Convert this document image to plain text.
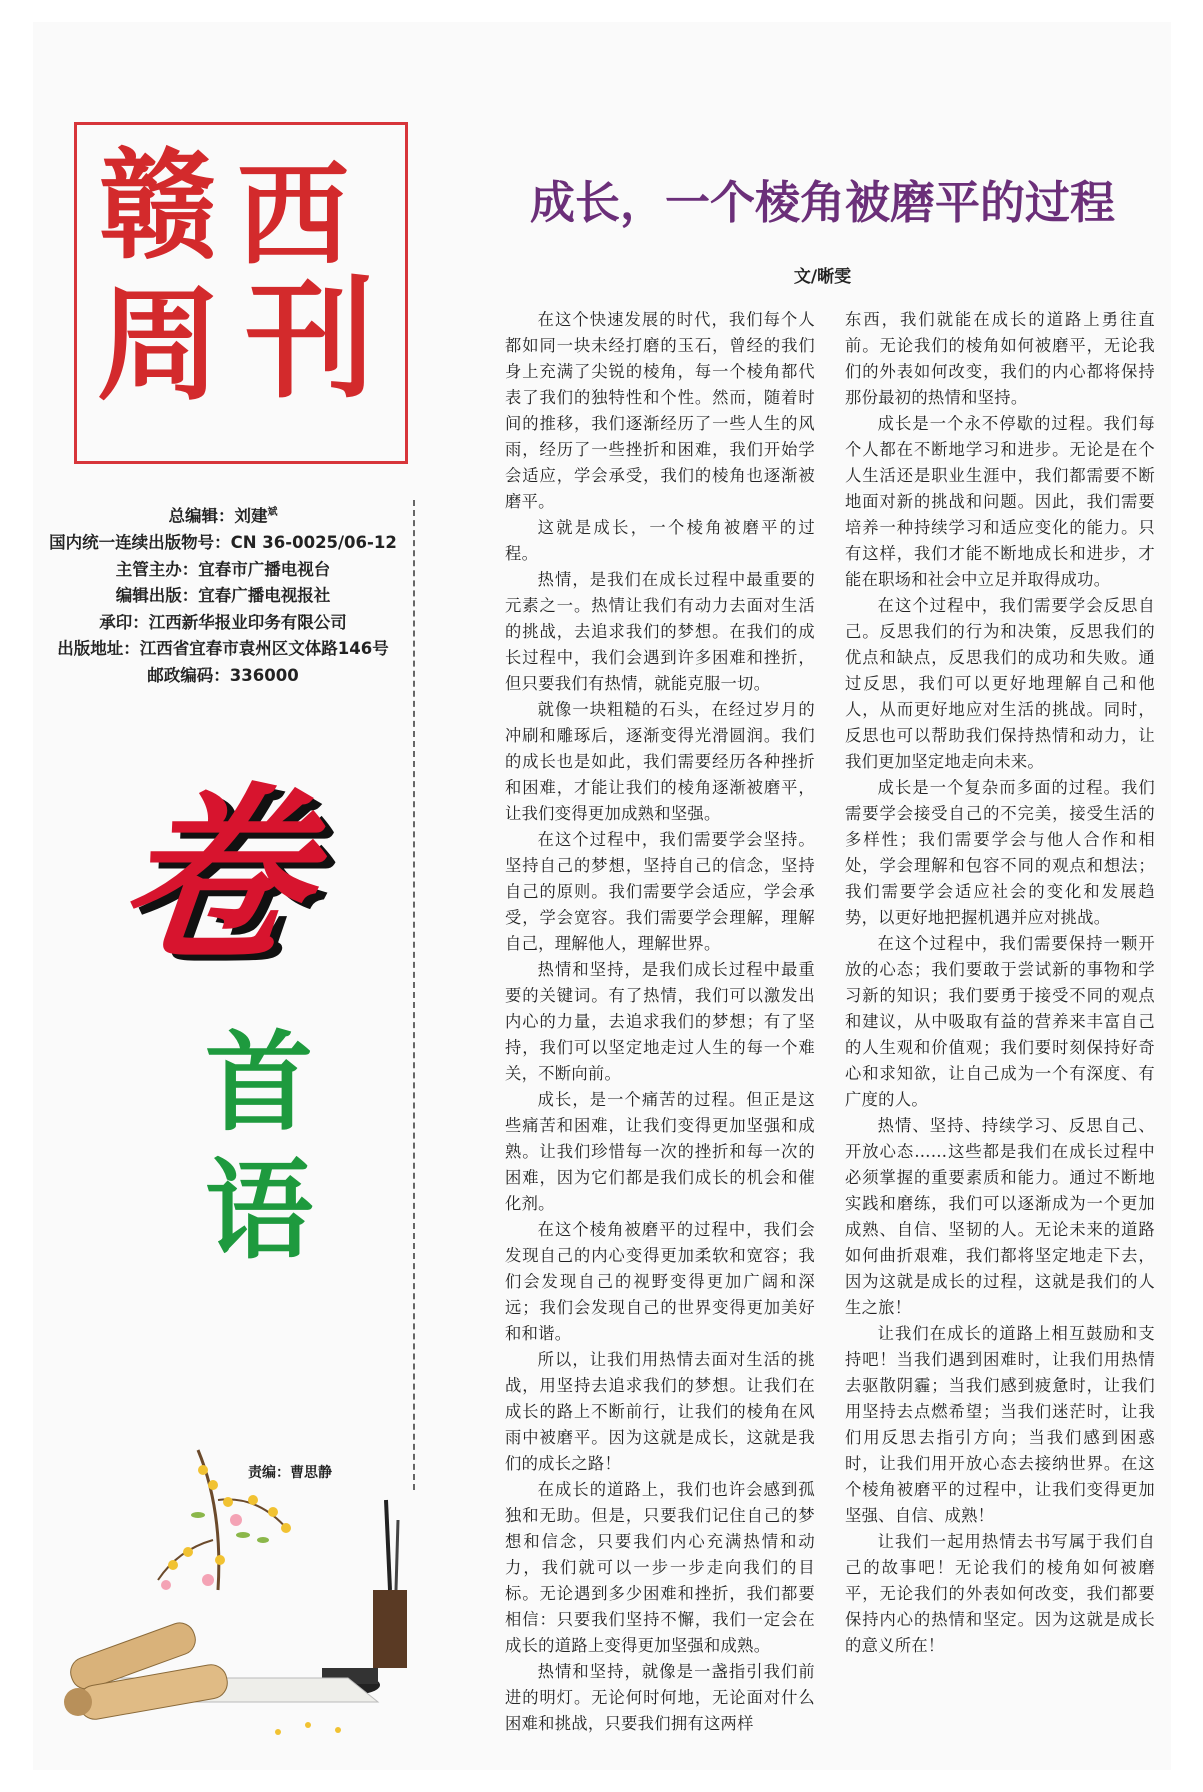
赣 西
周 刊
总编辑：刘建$^斌$
国内统一连续出版物号：CN 36-0025/06-12
主管主办：宜春市广播电视台
编辑出版：宜春广播电视报社
承印：江西新华报业印务有限公司
出版地址：江西省宜春市袁州区文体路146号
邮政编码：336000
卷
首
语
责编：曹思静
成长，一个棱角被磨平的过程
文/晰雯

在这个快速发展的时代，我们每个人都如同一块未经打磨的玉石，曾经的我们身上充满了尖锐的棱角，每一个棱角都代表了我们的独特性和个性。然而，随着时间的推移，我们逐渐经历了一些人生的风雨，经历了一些挫折和困难，我们开始学会适应，学会承受，我们的棱角也逐渐被磨平。

这就是成长，一个棱角被磨平的过程。

热情，是我们在成长过程中最重要的元素之一。热情让我们有动力去面对生活的挑战，去追求我们的梦想。在我们的成长过程中，我们会遇到许多困难和挫折，但只要我们有热情，就能克服一切。

就像一块粗糙的石头，在经过岁月的冲刷和雕琢后，逐渐变得光滑圆润。我们的成长也是如此，我们需要经历各种挫折和困难，才能让我们的棱角逐渐被磨平，让我们变得更加成熟和坚强。

在这个过程中，我们需要学会坚持。坚持自己的梦想，坚持自己的信念，坚持自己的原则。我们需要学会适应，学会承受，学会宽容。我们需要学会理解，理解自己，理解他人，理解世界。

热情和坚持，是我们成长过程中最重要的关键词。有了热情，我们可以激发出内心的力量，去追求我们的梦想；有了坚持，我们可以坚定地走过人生的每一个难关，不断向前。

成长，是一个痛苦的过程。但正是这些痛苦和困难，让我们变得更加坚强和成熟。让我们珍惜每一次的挫折和每一次的困难，因为它们都是我们成长的机会和催化剂。

在这个棱角被磨平的过程中，我们会发现自己的内心变得更加柔软和宽容；我们会发现自己的视野变得更加广阔和深远；我们会发现自己的世界变得更加美好和和谐。

所以，让我们用热情去面对生活的挑战，用坚持去追求我们的梦想。让我们在成长的路上不断前行，让我们的棱角在风雨中被磨平。因为这就是成长，这就是我们的成长之路！

在成长的道路上，我们也许会感到孤独和无助。但是，只要我们记住自己的梦想和信念，只要我们内心充满热情和动力，我们就可以一步一步走向我们的目标。无论遇到多少困难和挫折，我们都要相信：只要我们坚持不懈，我们一定会在成长的道路上变得更加坚强和成熟。

热情和坚持，就像是一盏指引我们前进的明灯。无论何时何地，无论面对什么困难和挑战，只要我们拥有这两样

东西，我们就能在成长的道路上勇往直前。无论我们的棱角如何被磨平，无论我们的外表如何改变，我们的内心都将保持那份最初的热情和坚持。

成长是一个永不停歇的过程。我们每个人都在不断地学习和进步。无论是在个人生活还是职业生涯中，我们都需要不断地面对新的挑战和问题。因此，我们需要培养一种持续学习和适应变化的能力。只有这样，我们才能不断地成长和进步，才能在职场和社会中立足并取得成功。

在这个过程中，我们需要学会反思自己。反思我们的行为和决策，反思我们的优点和缺点，反思我们的成功和失败。通过反思，我们可以更好地理解自己和他人，从而更好地应对生活的挑战。同时，反思也可以帮助我们保持热情和动力，让我们更加坚定地走向未来。

成长是一个复杂而多面的过程。我们需要学会接受自己的不完美，接受生活的多样性；我们需要学会与他人合作和相处，学会理解和包容不同的观点和想法；我们需要学会适应社会的变化和发展趋势，以更好地把握机遇并应对挑战。

在这个过程中，我们需要保持一颗开放的心态；我们要敢于尝试新的事物和学习新的知识；我们要勇于接受不同的观点和建议，从中吸取有益的营养来丰富自己的人生观和价值观；我们要时刻保持好奇心和求知欲，让自己成为一个有深度、有广度的人。

热情、坚持、持续学习、反思自己、开放心态……这些都是我们在成长过程中必须掌握的重要素质和能力。通过不断地实践和磨练，我们可以逐渐成为一个更加成熟、自信、坚韧的人。无论未来的道路如何曲折艰难，我们都将坚定地走下去，因为这就是成长的过程，这就是我们的人生之旅！

让我们在成长的道路上相互鼓励和支持吧！当我们遇到困难时，让我们用热情去驱散阴霾；当我们感到疲惫时，让我们用坚持去点燃希望；当我们迷茫时，让我们用反思去指引方向；当我们感到困惑时，让我们用开放心态去接纳世界。在这个棱角被磨平的过程中，让我们变得更加坚强、自信、成熟！

让我们一起用热情去书写属于我们自己的故事吧！无论我们的棱角如何被磨平，无论我们的外表如何改变，我们都要保持内心的热情和坚定。因为这就是成长的意义所在！
